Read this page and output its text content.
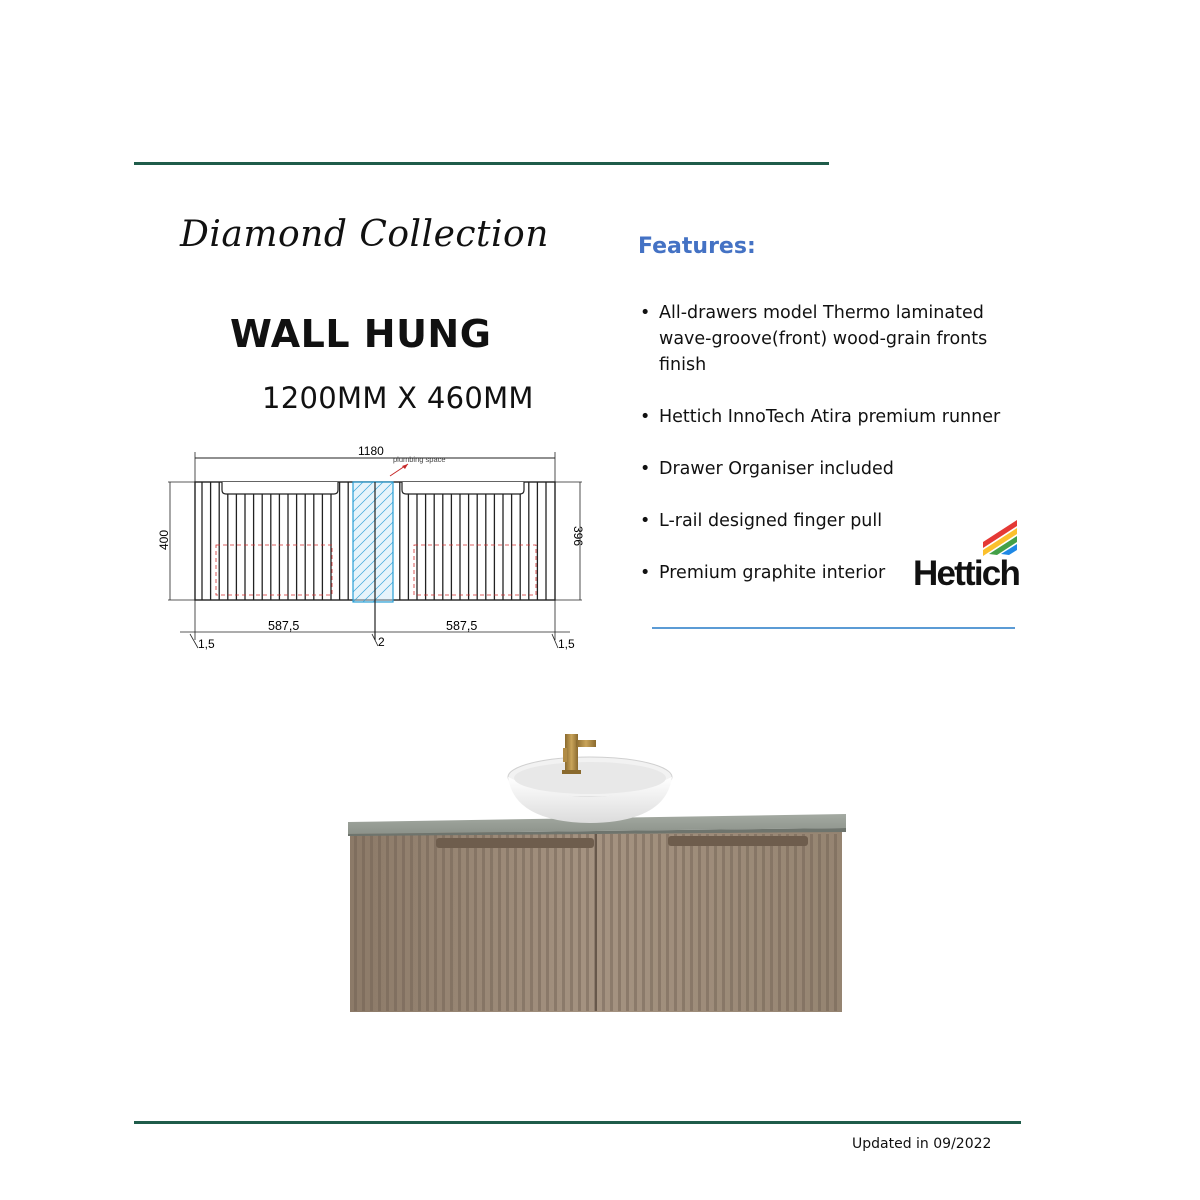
Diamond Collection
WALL HUNG
1200MM X 460MM
Features:
• All-drawers model Thermo laminated wave-groove(front) wood-grain fronts finish
• Hettich InnoTech Atira premium runner
• Drawer Organiser included
• L-rail designed finger pull
• Premium graphite interior Hettich
1180
plumbing space
400	396
587,5	587,5
1,5	2	1,5
Updated in 09/2022
